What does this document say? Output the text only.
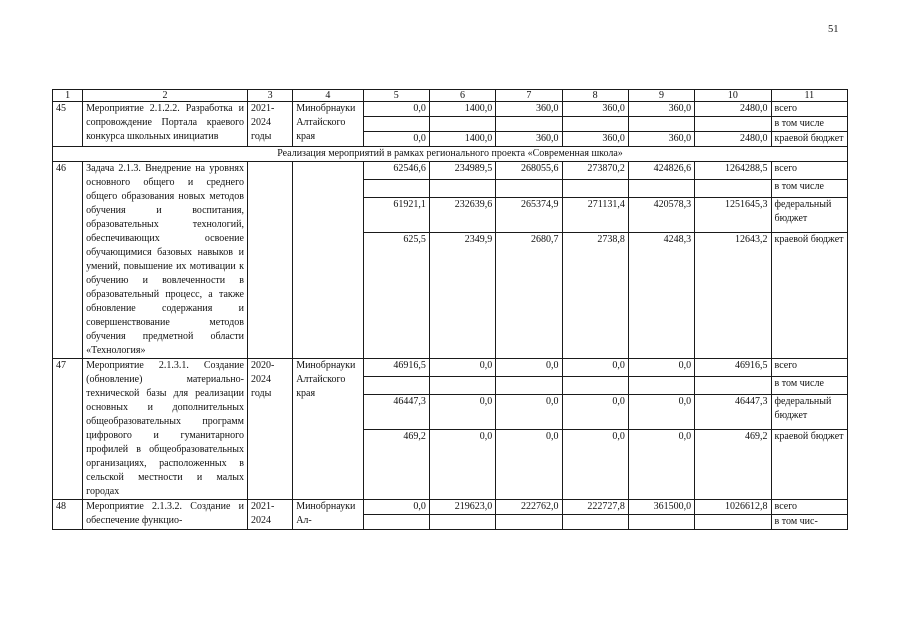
51
1	2	3	4	5	6	7	8	9	10	11
45	Мероприятие 2.1.2.2. Разработка и сопровождение Портала краевого конкурса школьных инициатив	2021-2024 годы	Минобрнауки Алтайского края	0,0	1400,0	360,0	360,0	360,0	2480,0	всего
										в том числе
				0,0	1400,0	360,0	360,0	360,0	2480,0	краевой бюджет
Реализация мероприятий в рамках регионального проекта «Современная школа»										
46	Задача 2.1.3. Внедрение на уровнях основного общего и среднего общего образования новых методов обучения и воспитания, образовательных технологий, обеспечивающих освоение обучающимися базовых навыков и умений, повышение их мотивации к обучению и вовлеченности в образовательный процесс, а также обновление содержания и совершенствование методов обучения предметной области «Технология»			62546,6	234989,5	268055,6	273870,2	424826,6	1264288,5	всего
										в том числе
				61921,1	232639,6	265374,9	271131,4	420578,3	1251645,3	федеральный бюджет
				625,5	2349,9	2680,7	2738,8	4248,3	12643,2	краевой бюджет
47	Мероприятие 2.1.3.1. Создание (обновление) материально-технической базы для реализации основных и дополнительных общеобразовательных программ цифрового и гуманитарного профилей в общеобразовательных организациях, расположенных в сельской местности и малых городах	2020-2024 годы	Минобрнауки Алтайского края	46916,5	0,0	0,0	0,0	0,0	46916,5	всего
										в том числе
				46447,3	0,0	0,0	0,0	0,0	46447,3	федеральный бюджет
				469,2	0,0	0,0	0,0	0,0	469,2	краевой бюджет
48	Мероприятие 2.1.3.2. Создание и обеспечение функцио-	2021-2024	Минобрнауки Ал-	0,0	219623,0	222762,0	222727,8	361500,0	1026612,8	всего
										в том чис-
